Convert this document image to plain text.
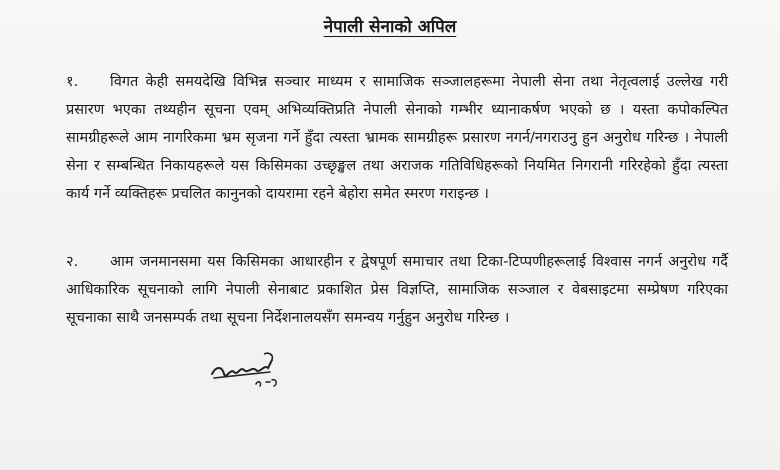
नेपाली सेनाको अपिल

१. विगत केही समयदेखि विभिन्न सञ्चार माध्यम र सामाजिक सञ्जालहरूमा नेपाली सेना तथा नेतृत्वलाई उल्लेख गरी प्रसारण भएका तथ्यहीन सूचना एवम् अभिव्यक्तिप्रति नेपाली सेनाको गम्भीर ध्यानाकर्षण भएको छ । यस्ता कपोकल्पित सामग्रीहरूले आम नागरिकमा भ्रम सृजना गर्ने हुँदा त्यस्ता भ्रामक सामग्रीहरू प्रसारण नगर्न/नगराउनु हुन अनुरोध गरिन्छ । नेपाली सेना र सम्बन्धित निकायहरूले यस किसिमका उच्छृङ्खल तथा अराजक गतिविधिहरूको नियमित निगरानी गरिरहेको हुँदा त्यस्ता कार्य गर्ने व्यक्तिहरू प्रचलित कानुनको दायरामा रहने बेहोरा समेत स्मरण गराइन्छ ।

२. आम जनमानसमा यस किसिमका आधारहीन र द्वेषपूर्ण समाचार तथा टिका-टिप्पणीहरूलाई विश्वास नगर्न अनुरोध गर्दै आधिकारिक सूचनाको लागि नेपाली सेनाबाट प्रकाशित प्रेस विज्ञप्ति, सामाजिक सञ्जाल र वेबसाइटमा सम्प्रेषण गरिएका सूचनाका साथै जनसम्पर्क तथा सूचना निर्देशनालयसँग समन्वय गर्नुहुन अनुरोध गरिन्छ ।
